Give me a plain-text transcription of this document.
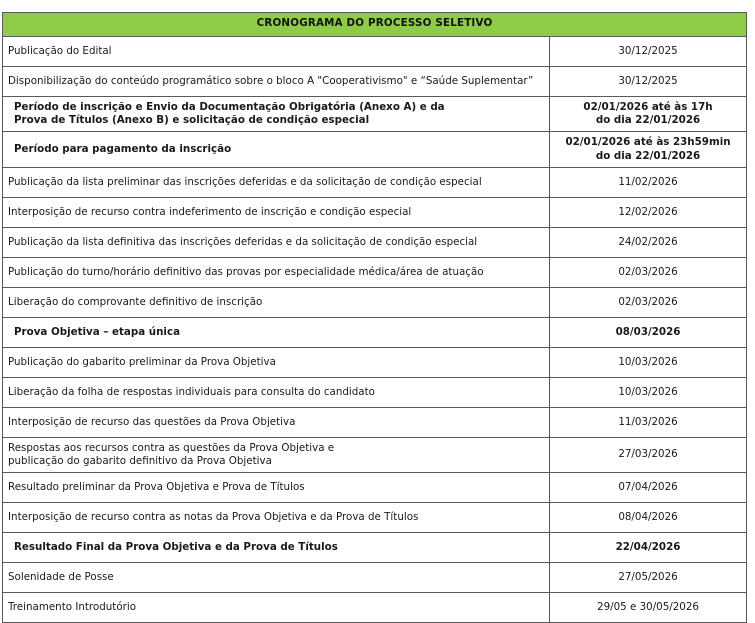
CRONOGRAMA DO PROCESSO SELETIVO	

Publicação do Edital	30/12/2025

Disponibilização do conteúdo programático sobre o bloco A "Cooperativismo" e “Saúde Suplementar”	30/12/2025

Período de inscrição e Envio da Documentação Obrigatória (Anexo A) e da
Prova de Títulos (Anexo B) e solicitação de condição especial	02/01/2026 até às 17h
do dia 22/01/2026

Período para pagamento da inscrição	02/01/2026 até às 23h59min
do dia 22/01/2026

Publicação da lista preliminar das inscrições deferidas e da solicitação de condição especial	11/02/2026

Interposição de recurso contra indeferimento de inscrição e condição especial	12/02/2026

Publicação da lista definitiva das inscrições deferidas e da solicitação de condição especial	24/02/2026

Publicação do turno/horário definitivo das provas por especialidade médica/área de atuação	02/03/2026

Liberação do comprovante definitivo de inscrição	02/03/2026

Prova Objetiva – etapa única	08/03/2026

Publicação do gabarito preliminar da Prova Objetiva	10/03/2026

Liberação da folha de respostas individuais para consulta do candidato	10/03/2026

Interposição de recurso das questões da Prova Objetiva	11/03/2026

Respostas aos recursos contra as questões da Prova Objetiva e
publicação do gabarito definitivo da Prova Objetiva	27/03/2026

Resultado preliminar da Prova Objetiva e Prova de Títulos	07/04/2026

Interposição de recurso contra as notas da Prova Objetiva e da Prova de Títulos	08/04/2026

Resultado Final da Prova Objetiva e da Prova de Títulos	22/04/2026

Solenidade de Posse	27/05/2026

Treinamento Introdutório	29/05 e 30/05/2026
